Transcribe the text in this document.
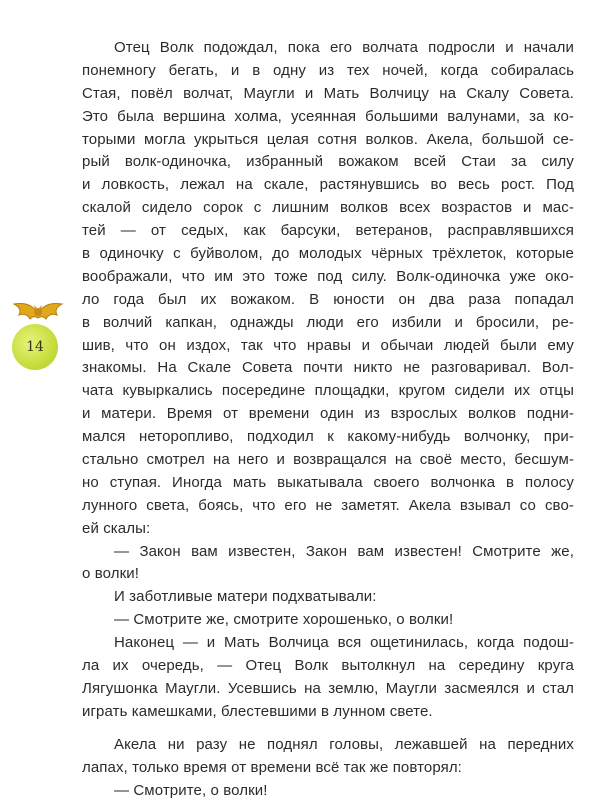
Отец Волк подождал, пока его волчата подросли и начали
понемногу бегать, и в одну из тех ночей, когда собиралась
Стая, повёл волчат, Маугли и Мать Волчицу на Скалу Совета.
Это была вершина холма, усеянная большими валунами, за ко-
торыми могла укрыться целая сотня волков. Акела, большой се-
рый волк-одиночка, избранный вожаком всей Стаи за силу
и ловкость, лежал на скале, растянувшись во весь рост. Под
скалой сидело сорок с лишним волков всех возрастов и мас-
тей — от седых, как барсуки, ветеранов, расправлявшихся
в одиночку с буйволом, до молодых чёрных трёхлеток, которые
воображали, что им это тоже под силу. Волк-одиночка уже око-
ло года был их вожаком. В юности он два раза попадал
в волчий капкан, однажды люди его избили и бросили, ре-
шив, что он издох, так что нравы и обычаи людей были ему
знакомы. На Скале Совета почти никто не разговаривал. Вол-
чата кувыркались посередине площадки, кругом сидели их отцы
и матери. Время от времени один из взрослых волков подни-
мался неторопливо, подходил к какому-нибудь волчонку, при-
стально смотрел на него и возвращался на своё место, бесшум-
но ступая. Иногда мать выкатывала своего волчонка в полосу
лунного света, боясь, что его не заметят. Акела взывал со сво-
ей скалы:
— Закон вам известен, Закон вам известен! Смотрите же,
о волки!
И заботливые матери подхватывали:
— Смотрите же, смотрите хорошенько, о волки!
Наконец — и Мать Волчица вся ощетинилась, когда подош-
ла их очередь, — Отец Волк вытолкнул на середину круга
Лягушонка Маугли. Усевшись на землю, Маугли засмеялся и стал
играть камешками, блестевшими в лунном свете.
Акела ни разу не поднял головы, лежавшей на передних
лапах, только время от времени всё так же повторял:
— Смотрите, о волки!
14
